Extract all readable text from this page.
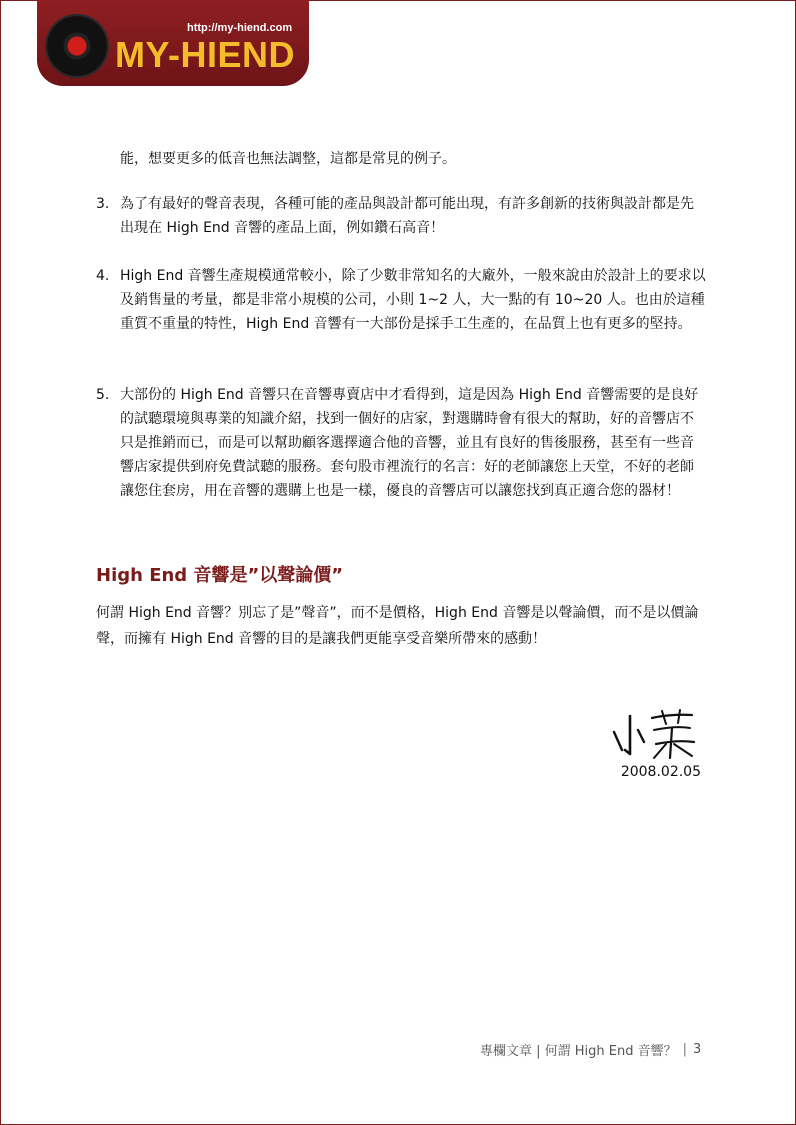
http://my-hiend.com
MY-HIEND
能，想要更多的低音也無法調整，這都是常見的例子。
3. 為了有最好的聲音表現，各種可能的產品與設計都可能出現，有許多創新的技術與設計都是先出現在 High End 音響的產品上面，例如鑽石高音！
4. High End 音響生產規模通常較小，除了少數非常知名的大廠外，一般來說由於設計上的要求以及銷售量的考量，都是非常小規模的公司，小則 1~2 人，大一點的有 10~20 人。也由於這種重質不重量的特性，High End 音響有一大部份是採手工生產的，在品質上也有更多的堅持。
5. 大部份的 High End 音響只在音響專賣店中才看得到，這是因為 High End 音響需要的是良好的試聽環境與專業的知識介紹，找到一個好的店家，對選購時會有很大的幫助，好的音響店不只是推銷而已，而是可以幫助顧客選擇適合他的音響，並且有良好的售後服務，甚至有一些音響店家提供到府免費試聽的服務。套句股市裡流行的名言：好的老師讓您上天堂，不好的老師讓您住套房，用在音響的選購上也是一樣，優良的音響店可以讓您找到真正適合您的器材！
High End 音響是”以聲論價”
何謂 High End 音響？別忘了是”聲音”，而不是價格，High End 音響是以聲論價，而不是以價論聲，而擁有 High End 音響的目的是讓我們更能享受音樂所帶來的感動！
2008.02.05
專欄文章 | 何謂 High End 音響？ | 3
